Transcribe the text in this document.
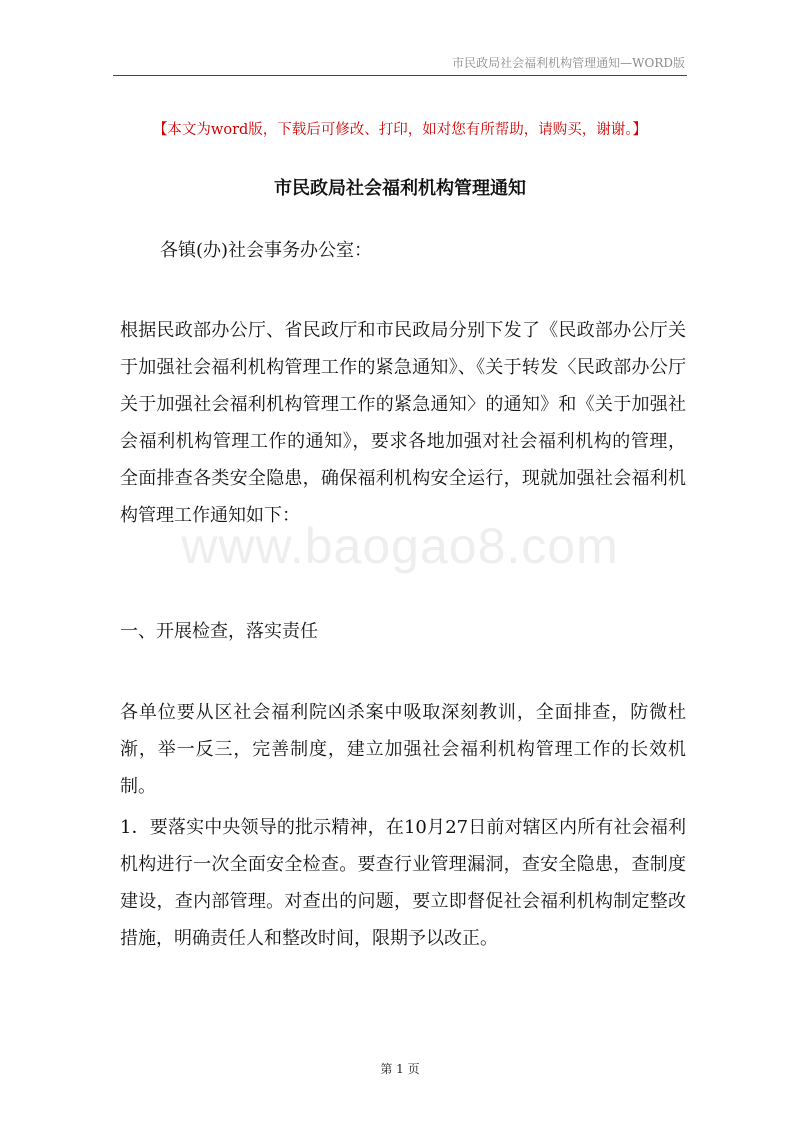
市民政局社会福利机构管理通知—WORD版
【本文为word版，下载后可修改、打印，如对您有所帮助，请购买，谢谢。】
市民政局社会福利机构管理通知
各镇(办)社会事务办公室：

根据民政部办公厅、省民政厅和市民政局分别下发了《民政部办公厅关于加强社会福利机构管理工作的紧急通知》、《关于转发〈民政部办公厅关于加强社会福利机构管理工作的紧急通知〉的通知》和《关于加强社会福利机构管理工作的通知》，要求各地加强对社会福利机构的管理，全面排查各类安全隐患，确保福利机构安全运行，现就加强社会福利机构管理工作通知如下：

www.baogao8.com
一、开展检查，落实责任

各单位要从区社会福利院凶杀案中吸取深刻教训，全面排查，防微杜渐，举一反三，完善制度，建立加强社会福利机构管理工作的长效机制。

1．要落实中央领导的批示精神，在10月27日前对辖区内所有社会福利机构进行一次全面安全检查。要查行业管理漏洞，查安全隐患，查制度建设，查内部管理。对查出的问题，要立即督促社会福利机构制定整改措施，明确责任人和整改时间，限期予以改正。

第 1 页
